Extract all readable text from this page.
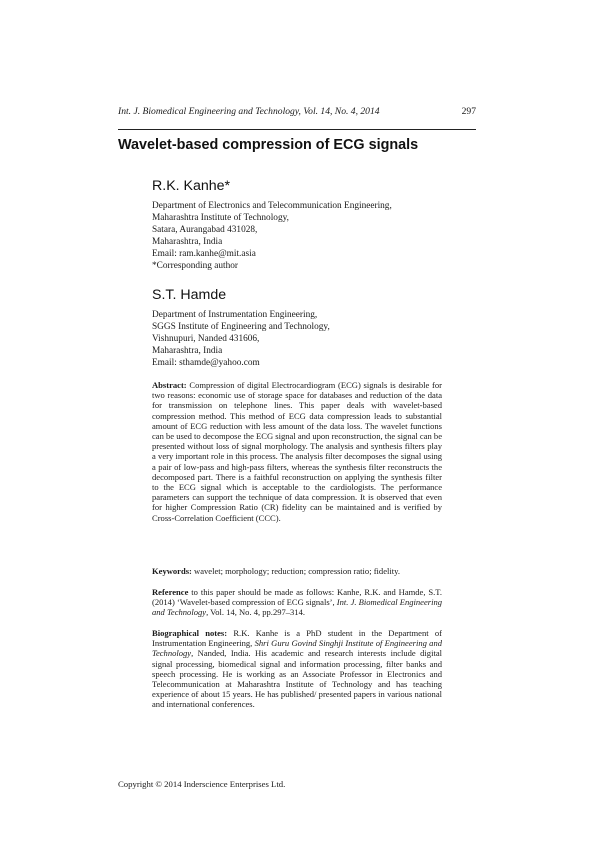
Int. J. Biomedical Engineering and Technology, Vol. 14, No. 4, 2014	297
Wavelet-based compression of ECG signals
R.K. Kanhe*
Department of Electronics and Telecommunication Engineering,
Maharashtra Institute of Technology,
Satara, Aurangabad 431028,
Maharashtra, India
Email: ram.kanhe@mit.asia
*Corresponding author
S.T. Hamde
Department of Instrumentation Engineering,
SGGS Institute of Engineering and Technology,
Vishnupuri, Nanded 431606,
Maharashtra, India
Email: sthamde@yahoo.com
Abstract: Compression of digital Electrocardiogram (ECG) signals is desirable for two reasons: economic use of storage space for databases and reduction of the data for transmission on telephone lines. This paper deals with wavelet-based compression method. This method of ECG data compression leads to substantial amount of ECG reduction with less amount of the data loss. The wavelet functions can be used to decompose the ECG signal and upon reconstruction, the signal can be presented without loss of signal morphology. The analysis and synthesis filters play a very important role in this process. The analysis filter decomposes the signal using a pair of low-pass and high-pass filters, whereas the synthesis filter reconstructs the decomposed part. There is a faithful reconstruction on applying the synthesis filter to the ECG signal which is acceptable to the cardiologists. The performance parameters can support the technique of data compression. It is observed that even for higher Compression Ratio (CR) fidelity can be maintained and is verified by Cross-Correlation Coefficient (CCC).
Keywords: wavelet; morphology; reduction; compression ratio; fidelity.
Reference to this paper should be made as follows: Kanhe, R.K. and Hamde, S.T. (2014) ‘Wavelet-based compression of ECG signals’, Int. J. Biomedical Engineering and Technology, Vol. 14, No. 4, pp.297–314.
Biographical notes: R.K. Kanhe is a PhD student in the Department of Instrumentation Engineering, Shri Guru Govind Singhji Institute of Engineering and Technology, Nanded, India. His academic and research interests include digital signal processing, biomedical signal and information processing, filter banks and speech processing. He is working as an Associate Professor in Electronics and Telecommunication at Maharashtra Institute of Technology and has teaching experience of about 15 years. He has published/ presented papers in various national and international conferences.
Copyright © 2014 Inderscience Enterprises Ltd.
